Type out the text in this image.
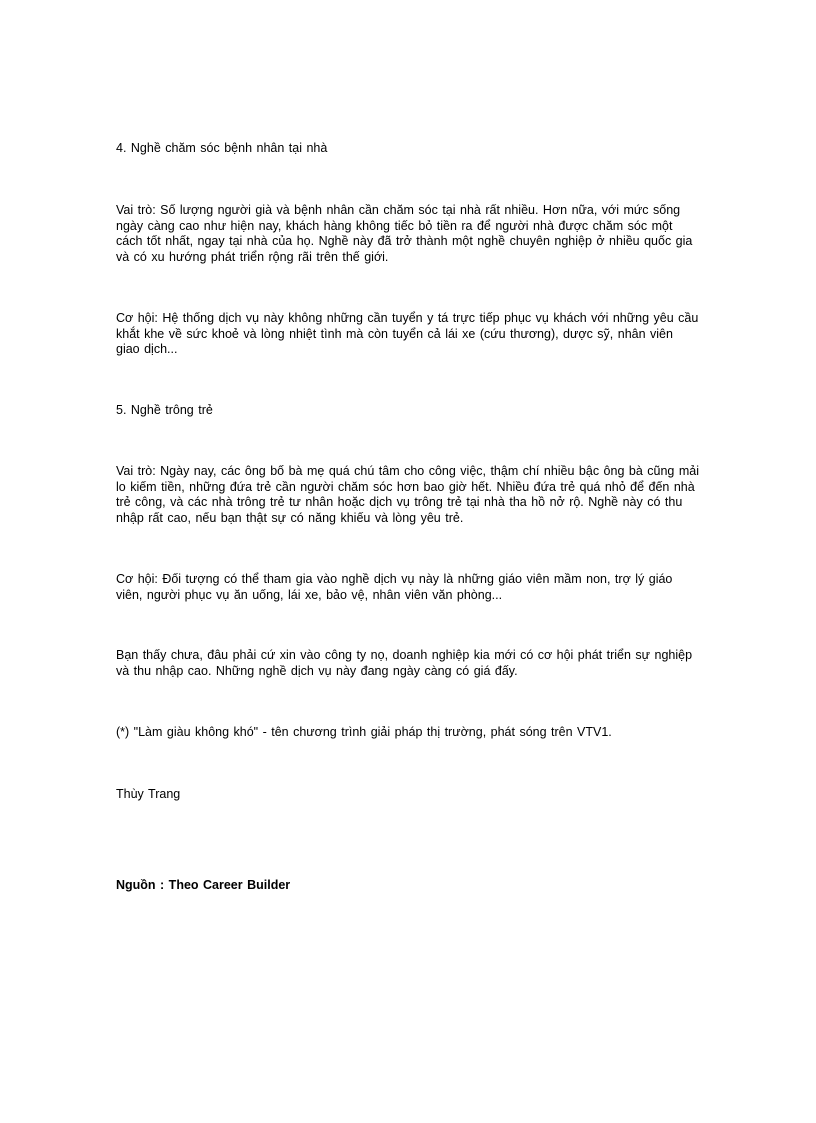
4. Nghề chăm sóc bệnh nhân tại nhà

Vai trò: Số lượng người già và bệnh nhân cần chăm sóc tại nhà rất nhiều. Hơn nữa, với mức sống ngày càng cao như hiện nay, khách hàng không tiếc bỏ tiền ra để người nhà được chăm sóc một cách tốt nhất, ngay tại nhà của họ. Nghề này đã trở thành một nghề chuyên nghiệp ở nhiều quốc gia và có xu hướng phát triển rộng rãi trên thế giới.

Cơ hội: Hệ thống dịch vụ này không những cần tuyển y tá trực tiếp phục vụ khách với những yêu cầu khắt khe về sức khoẻ và lòng nhiệt tình mà còn tuyển cả lái xe (cứu thương), dược sỹ, nhân viên giao dịch...

5. Nghề trông trẻ

Vai trò: Ngày nay, các ông bố bà mẹ quá chú tâm cho công việc, thậm chí nhiều bậc ông bà cũng mải lo kiếm tiền, những đứa trẻ cần người chăm sóc hơn bao giờ hết. Nhiều đứa trẻ quá nhỏ để đến nhà trẻ công, và các nhà trông trẻ tư nhân hoặc dịch vụ trông trẻ tại nhà tha hồ nở rộ. Nghề này có thu nhập rất cao, nếu bạn thật sự có năng khiếu và lòng yêu trẻ.

Cơ hội: Đối tượng có thể tham gia vào nghề dịch vụ này là những giáo viên mầm non, trợ lý giáo viên, người phục vụ ăn uống, lái xe, bảo vệ, nhân viên văn phòng...

Bạn thấy chưa, đâu phải cứ xin vào công ty nọ, doanh nghiệp kia mới có cơ hội phát triển sự nghiệp và thu nhập cao. Những nghề dịch vụ này đang ngày càng có giá đấy.

(*) "Làm giàu không khó" - tên chương trình giải pháp thị trường, phát sóng trên VTV1.

Thùy Trang

Nguồn : Theo Career Builder
